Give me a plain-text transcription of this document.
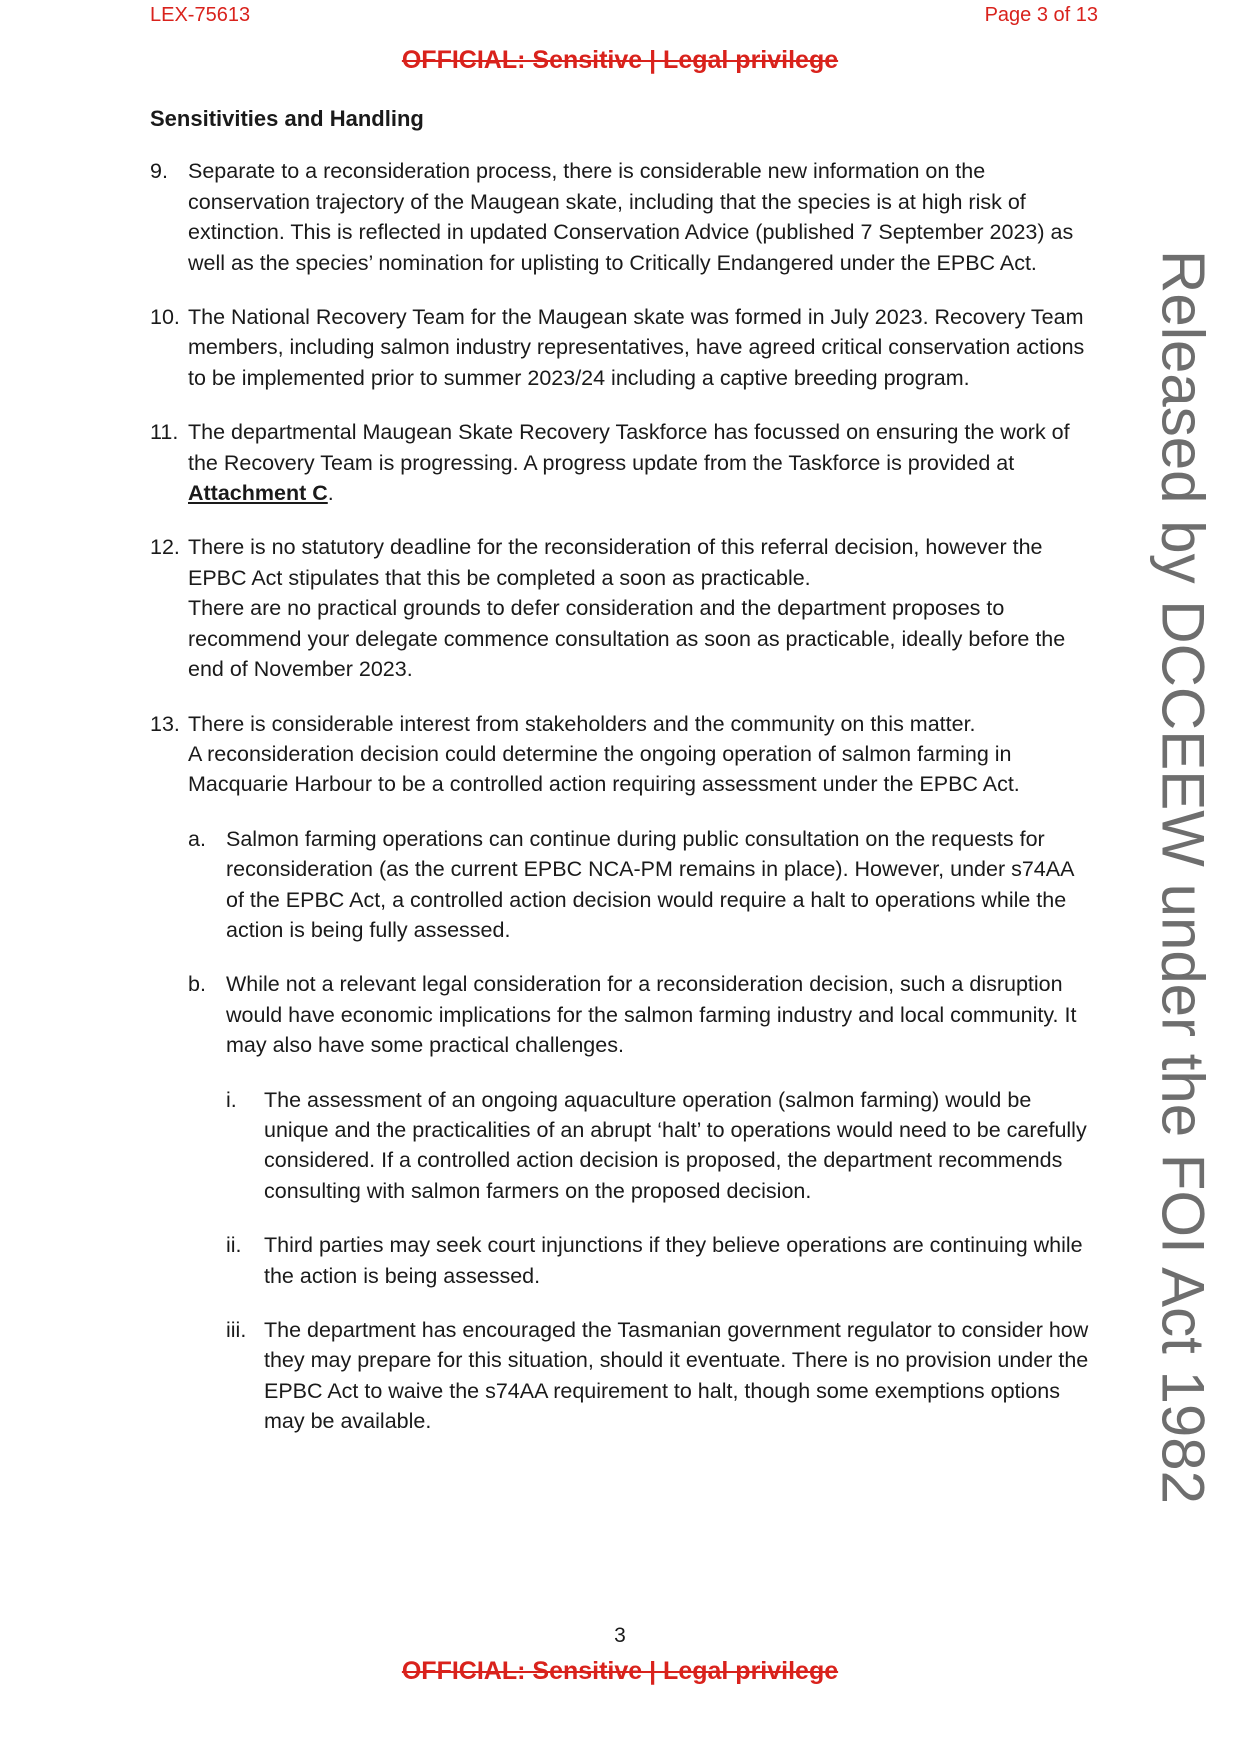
LEX-75613	Page 3 of 13
OFFICIAL: Sensitive | Legal privilege
Sensitivities and Handling
9. Separate to a reconsideration process, there is considerable new information on the conservation trajectory of the Maugean skate, including that the species is at high risk of extinction. This is reflected in updated Conservation Advice (published 7 September 2023) as well as the species’ nomination for uplisting to Critically Endangered under the EPBC Act.
10. The National Recovery Team for the Maugean skate was formed in July 2023. Recovery Team members, including salmon industry representatives, have agreed critical conservation actions to be implemented prior to summer 2023/24 including a captive breeding program.
11. The departmental Maugean Skate Recovery Taskforce has focussed on ensuring the work of the Recovery Team is progressing. A progress update from the Taskforce is provided at Attachment C.
12. There is no statutory deadline for the reconsideration of this referral decision, however the EPBC Act stipulates that this be completed a soon as practicable.
There are no practical grounds to defer consideration and the department proposes to recommend your delegate commence consultation as soon as practicable, ideally before the end of November 2023.
13. There is considerable interest from stakeholders and the community on this matter.
A reconsideration decision could determine the ongoing operation of salmon farming in Macquarie Harbour to be a controlled action requiring assessment under the EPBC Act.
a. Salmon farming operations can continue during public consultation on the requests for reconsideration (as the current EPBC NCA-PM remains in place). However, under s74AA of the EPBC Act, a controlled action decision would require a halt to operations while the action is being fully assessed.
b. While not a relevant legal consideration for a reconsideration decision, such a disruption would have economic implications for the salmon farming industry and local community. It may also have some practical challenges.
i. The assessment of an ongoing aquaculture operation (salmon farming) would be unique and the practicalities of an abrupt ‘halt’ to operations would need to be carefully considered. If a controlled action decision is proposed, the department recommends consulting with salmon farmers on the proposed decision.
ii. Third parties may seek court injunctions if they believe operations are continuing while the action is being assessed.
iii. The department has encouraged the Tasmanian government regulator to consider how they may prepare for this situation, should it eventuate. There is no provision under the EPBC Act to waive the s74AA requirement to halt, though some exemptions options may be available.
3
OFFICIAL: Sensitive | Legal privilege
Released by DCCEEW under the FOI Act 1982
